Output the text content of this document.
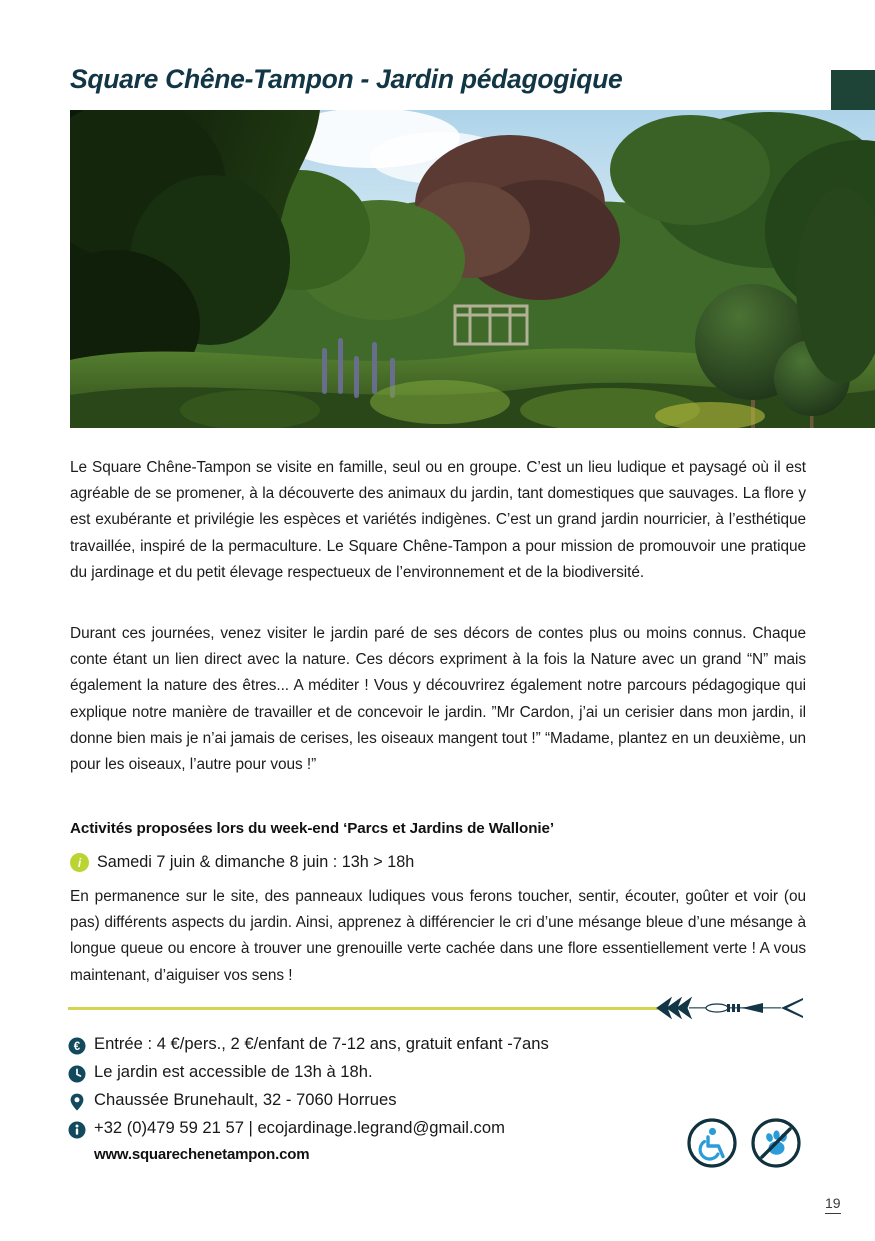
Square Chêne-Tampon - Jardin pédagogique
Le Square Chêne-Tampon se visite en famille, seul ou en groupe. C’est un lieu ludique et paysagé où il est agréable de se promener, à la découverte des animaux du jardin, tant domestiques que sauvages. La flore y est exubérante et privilégie les espèces et variétés indigènes. C’est un grand jardin nourricier, à l’esthétique travaillée, inspiré de la permaculture. Le Square Chêne-Tampon a pour mission de promouvoir une pratique du jardinage et du petit élevage respectueux de l’environnement et de la biodiversité.
Durant ces journées, venez visiter le jardin paré de ses décors de contes plus ou moins connus. Chaque conte étant un lien direct avec la nature. Ces décors expriment à la fois la Nature avec un grand “N” mais également la nature des êtres... A méditer ! Vous y découvrirez également notre parcours pédagogique qui explique notre manière de travailler et de concevoir le jardin. ”Mr Cardon, j’ai un cerisier dans mon jardin, il donne bien mais je n’ai jamais de cerises, les oiseaux mangent tout !” “Madame, plantez en un deuxième, un pour les oiseaux, l’autre pour vous !”
Activités proposées lors du week-end ‘Parcs et Jardins de Wallonie’
i Samedi 7 juin & dimanche 8 juin : 13h > 18h
En permanence sur le site, des panneaux ludiques vous ferons toucher, sentir, écouter, goûter et voir (ou pas) différents aspects du jardin. Ainsi, apprenez à différencier le cri d’une mésange bleue d’une mésange à longue queue ou encore à trouver une grenouille verte cachée dans une flore essentiellement verte ! A vous maintenant, d’aiguiser vos sens !
€ Entrée : 4 €/pers., 2 €/enfant de 7-12 ans, gratuit enfant -7ans
Le jardin est accessible de 13h à 18h.
Chaussée Brunehault, 32 - 7060 Horrues
+32 (0)479 59 21 57 | ecojardinage.legrand@gmail.com
www.squarechenetampon.com
19
